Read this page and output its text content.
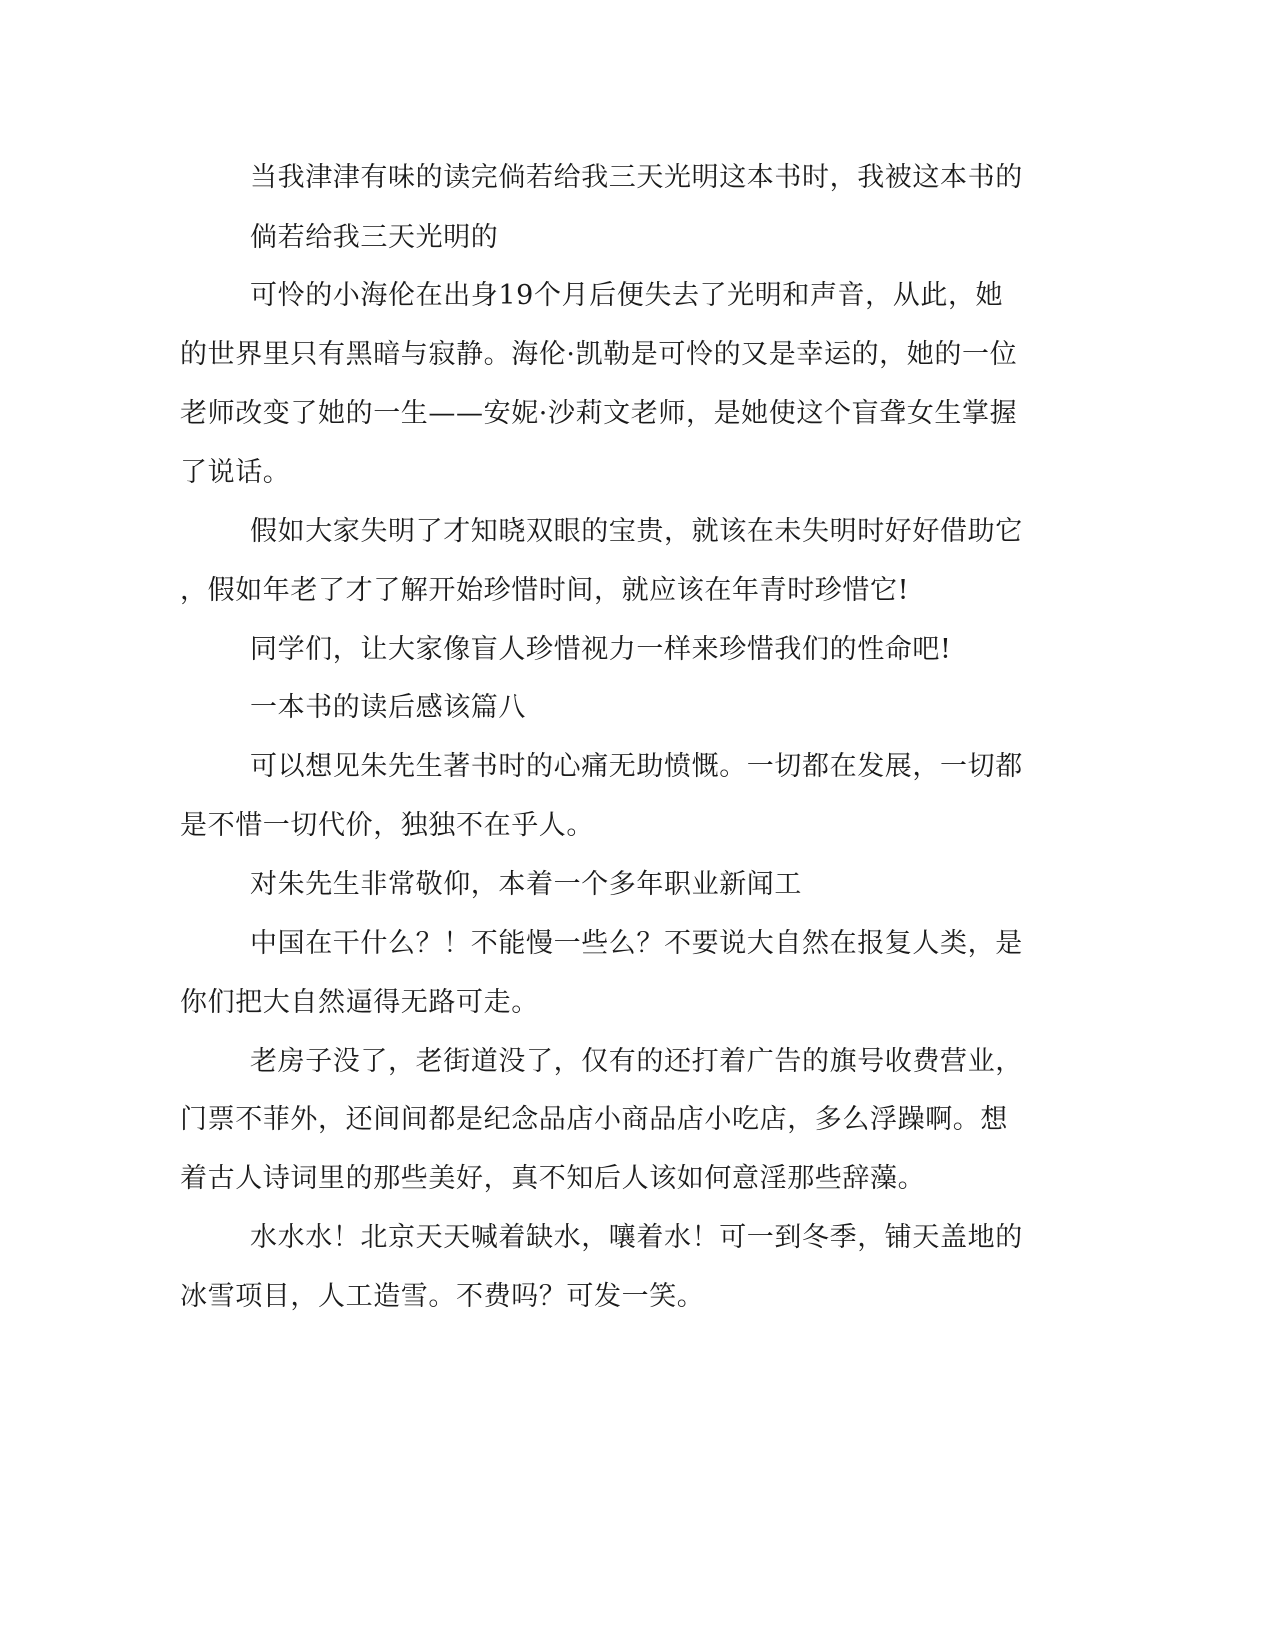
当我津津有味的读完倘若给我三天光明这本书时，我被这本书的

倘若给我三天光明的

可怜的小海伦在出身19个月后便失去了光明和声音，从此，她

的世界里只有黑暗与寂静。海伦·凯勒是可怜的又是幸运的，她的一位

老师改变了她的一生——安妮·沙莉文老师，是她使这个盲聋女生掌握

了说话。

假如大家失明了才知晓双眼的宝贵，就该在未失明时好好借助它

，假如年老了才了解开始珍惜时间，就应该在年青时珍惜它!

同学们，让大家像盲人珍惜视力一样来珍惜我们的性命吧!

一本书的读后感该篇八

可以想见朱先生著书时的心痛无助愤慨。一切都在发展，一切都

是不惜一切代价，独独不在乎人。

对朱先生非常敬仰，本着一个多年职业新闻工

中国在干什么？！不能慢一些么？不要说大自然在报复人类，是

你们把大自然逼得无路可走。

老房子没了，老街道没了，仅有的还打着广告的旗号收费营业，

门票不菲外，还间间都是纪念品店小商品店小吃店，多么浮躁啊。想

着古人诗词里的那些美好，真不知后人该如何意淫那些辞藻。

水水水！北京天天喊着缺水，嚷着水！可一到冬季，铺天盖地的

冰雪项目，人工造雪。不费吗？可发一笑。
